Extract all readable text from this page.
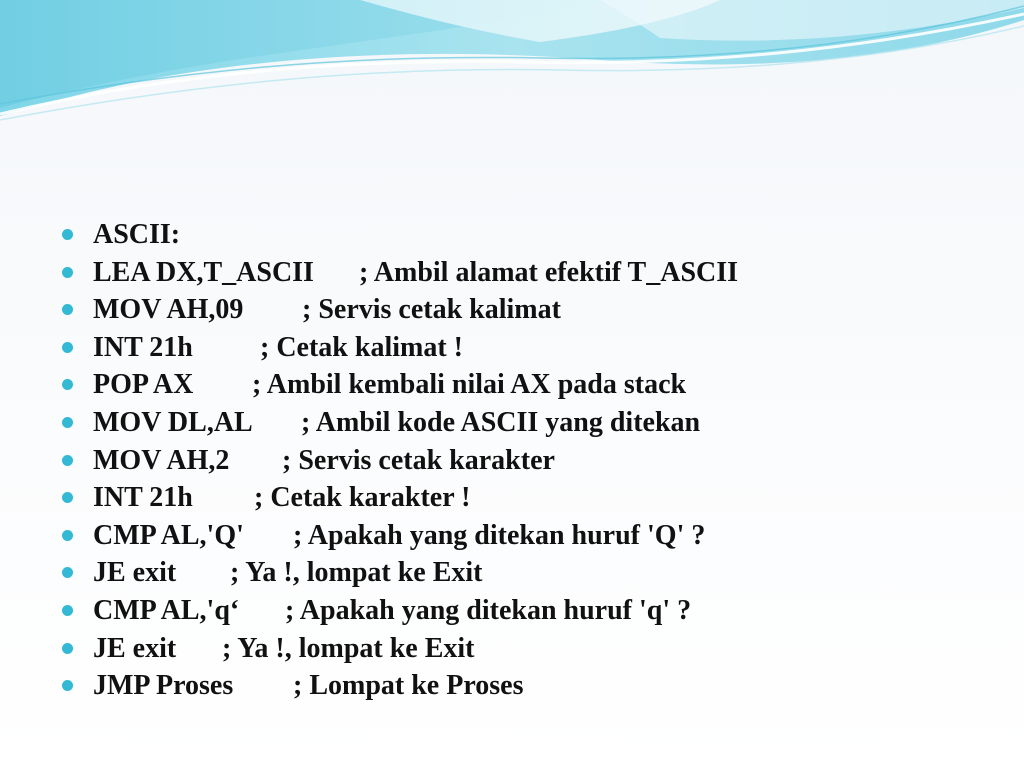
ASCII:
LEA DX,T_ASCII ; Ambil alamat efektif T_ASCII
MOV AH,09 ; Servis cetak kalimat
INT 21h ; Cetak kalimat !
POP AX ; Ambil kembali nilai AX pada stack
MOV DL,AL ; Ambil kode ASCII yang ditekan
MOV AH,2 ; Servis cetak karakter
INT 21h ; Cetak karakter !
CMP AL,'Q' ; Apakah yang ditekan huruf 'Q' ?
JE exit ; Ya !, lompat ke Exit
CMP AL,'q‘ ; Apakah yang ditekan huruf 'q' ?
JE exit ; Ya !, lompat ke Exit
JMP Proses ; Lompat ke Proses
